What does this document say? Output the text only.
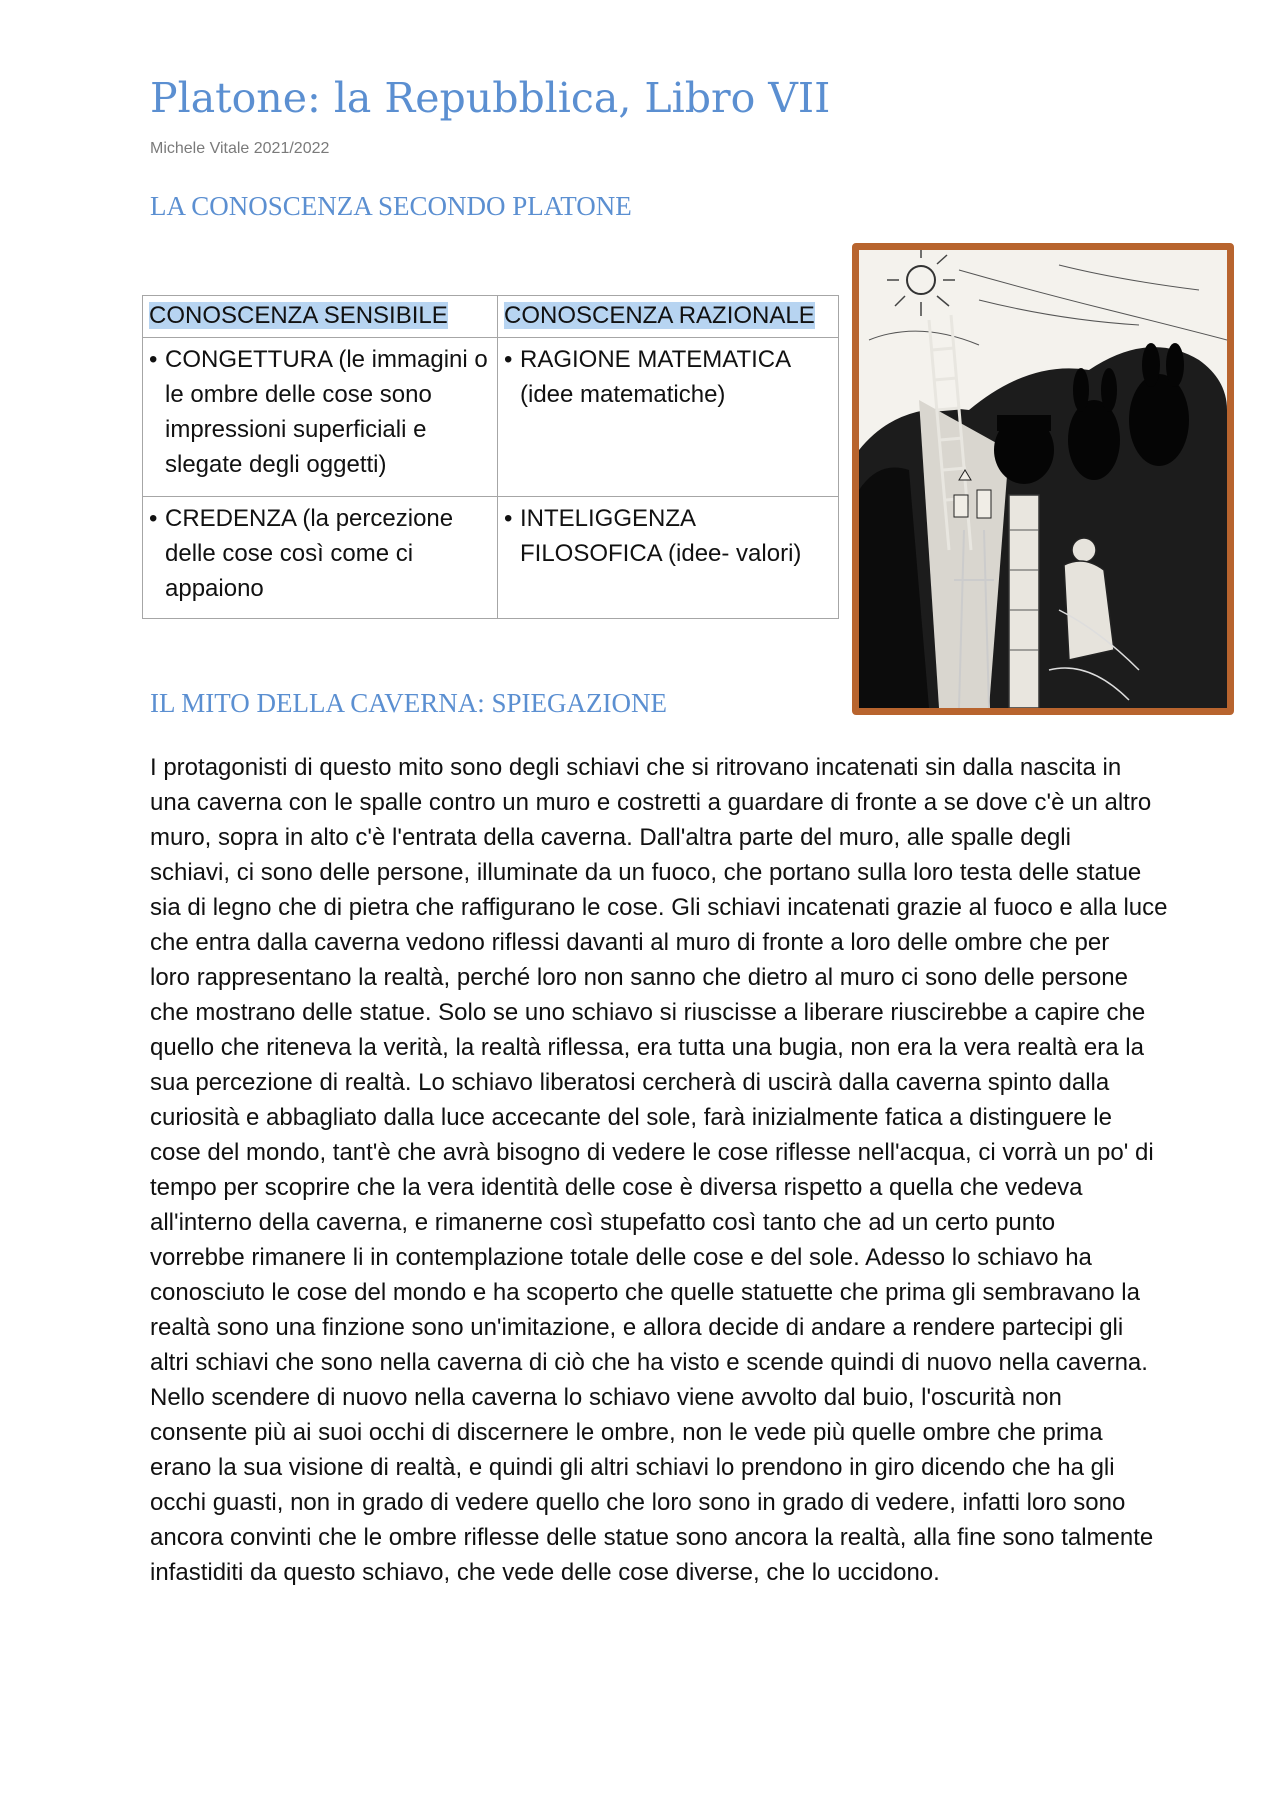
Platone: la Repubblica, Libro VII
Michele Vitale 2021/2022
LA CONOSCENZA SECONDO PLATONE
CONOSCENZA SENSIBILE	CONOSCENZA RAZIONALE

• CONGETTURA (le immagini o le ombre delle cose sono impressioni superficiali e slegate degli oggetti)	• RAGIONE MATEMATICA (idee matematiche)

• CREDENZA (la percezione delle cose così come ci appaiono	• INTELIGGENZA FILOSOFICA (idee- valori)
IL MITO DELLA CAVERNA: SPIEGAZIONE

I protagonisti di questo mito sono degli schiavi che si ritrovano incatenati sin dalla nascita in
una caverna con le spalle contro un muro e costretti a guardare di fronte a se dove c'è un altro
muro, sopra in alto c'è l'entrata della caverna. Dall'altra parte del muro, alle spalle degli
schiavi, ci sono delle persone, illuminate da un fuoco, che portano sulla loro testa delle statue
sia di legno che di pietra che raffigurano le cose. Gli schiavi incatenati grazie al fuoco e alla luce
che entra dalla caverna vedono riflessi davanti al muro di fronte a loro delle ombre che per
loro rappresentano la realtà, perché loro non sanno che dietro al muro ci sono delle persone
che mostrano delle statue. Solo se uno schiavo si riuscisse a liberare riuscirebbe a capire che
quello che riteneva la verità, la realtà riflessa, era tutta una bugia, non era la vera realtà era la
sua percezione di realtà. Lo schiavo liberatosi cercherà di uscirà dalla caverna spinto dalla
curiosità e abbagliato dalla luce accecante del sole, farà inizialmente fatica a distinguere le
cose del mondo, tant'è che avrà bisogno di vedere le cose riflesse nell'acqua, ci vorrà un po' di
tempo per scoprire che la vera identità delle cose è diversa rispetto a quella che vedeva
all'interno della caverna, e rimanerne così stupefatto così tanto che ad un certo punto
vorrebbe rimanere li in contemplazione totale delle cose e del sole. Adesso lo schiavo ha
conosciuto le cose del mondo e ha scoperto che quelle statuette che prima gli sembravano la
realtà sono una finzione sono un'imitazione, e allora decide di andare a rendere partecipi gli
altri schiavi che sono nella caverna di ciò che ha visto e scende quindi di nuovo nella caverna.
Nello scendere di nuovo nella caverna lo schiavo viene avvolto dal buio, l'oscurità non
consente più ai suoi occhi di discernere le ombre, non le vede più quelle ombre che prima
erano la sua visione di realtà, e quindi gli altri schiavi lo prendono in giro dicendo che ha gli
occhi guasti, non in grado di vedere quello che loro sono in grado di vedere, infatti loro sono
ancora convinti che le ombre riflesse delle statue sono ancora la realtà, alla fine sono talmente
infastiditi da questo schiavo, che vede delle cose diverse, che lo uccidono.
